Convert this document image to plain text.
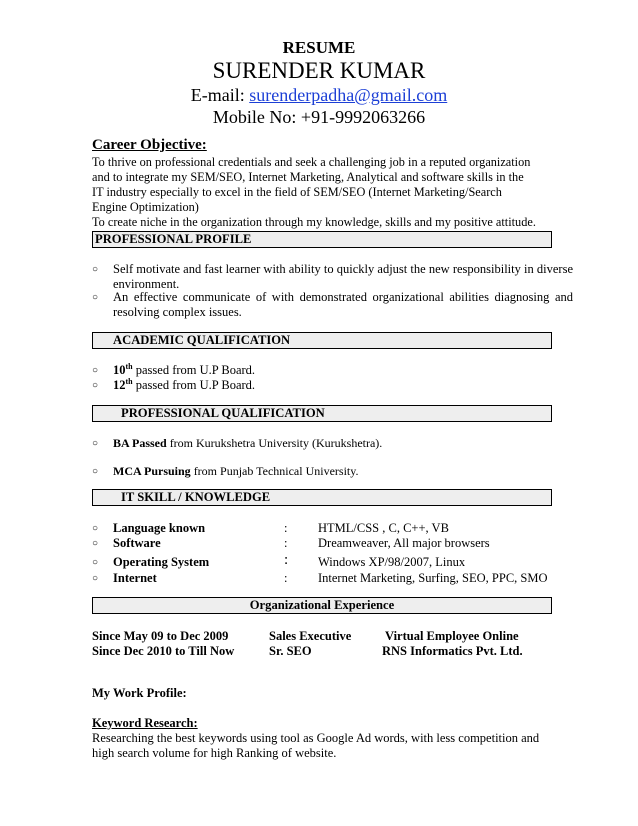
RESUME
SURENDER KUMAR
E-mail: surenderpadha@gmail.com
Mobile No: +91-9992063266
Career Objective:
To thrive on professional credentials and seek a challenging job in a reputed organization
and to integrate my SEM/SEO, Internet Marketing, Analytical and software skills in the
IT industry especially to excel in the field of SEM/SEO (Internet Marketing/Search
Engine Optimization)
To create niche in the organization through my knowledge, skills and my positive attitude.
PROFESSIONAL PROFILE
○ Self motivate and fast learner with ability to quickly adjust the new responsibility in diverse environment.
○ An effective communicate of with demonstrated organizational abilities diagnosing and resolving complex issues.
ACADEMIC QUALIFICATION
○ 10th passed from U.P Board.
○ 12th passed from U.P Board.
PROFESSIONAL QUALIFICATION
○ BA Passed from Kurukshetra University (Kurukshetra).
○ MCA Pursuing from Punjab Technical University.
IT SKILL / KNOWLEDGE
○ Language known	: HTML/CSS , C, C++, VB
○ Software	: Dreamweaver, All major browsers
○ Operating System	: Windows XP/98/2007, Linux
○ Internet	: Internet Marketing, Surfing, SEO, PPC, SMO
Organizational Experience
Since May 09 to Dec 2009	Sales Executive	Virtual Employee Online
Since Dec 2010 to Till Now	Sr. SEO	RNS Informatics Pvt. Ltd.
My Work Profile:
Keyword Research:
Researching the best keywords using tool as Google Ad words, with less competition and
high search volume for high Ranking of website.
